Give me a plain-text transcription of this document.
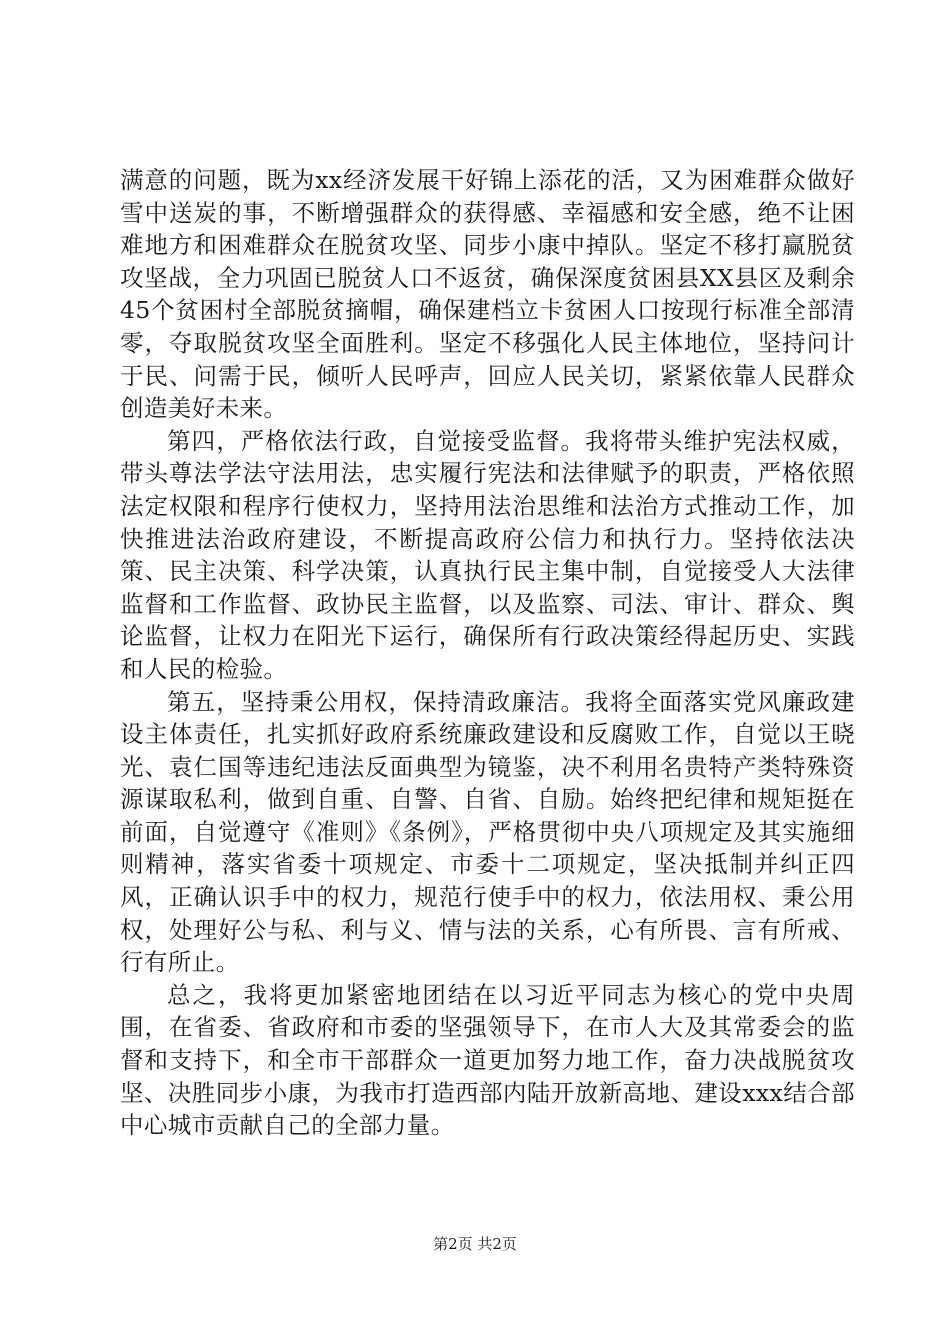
满意的问题，既为xx经济发展干好锦上添花的活，又为困难群众做好雪中送炭的事，不断增强群众的获得感、幸福感和安全感，绝不让困难地方和困难群众在脱贫攻坚、同步小康中掉队。坚定不移打赢脱贫攻坚战，全力巩固已脱贫人口不返贫，确保深度贫困县XX县区及剩余45个贫困村全部脱贫摘帽，确保建档立卡贫困人口按现行标准全部清零，夺取脱贫攻坚全面胜利。坚定不移强化人民主体地位，坚持问计于民、问需于民，倾听人民呼声，回应人民关切，紧紧依靠人民群众创造美好未来。

第四，严格依法行政，自觉接受监督。我将带头维护宪法权威，带头尊法学法守法用法，忠实履行宪法和法律赋予的职责，严格依照法定权限和程序行使权力，坚持用法治思维和法治方式推动工作，加快推进法治政府建设，不断提高政府公信力和执行力。坚持依法决策、民主决策、科学决策，认真执行民主集中制，自觉接受人大法律监督和工作监督、政协民主监督，以及监察、司法、审计、群众、舆论监督，让权力在阳光下运行，确保所有行政决策经得起历史、实践和人民的检验。

第五，坚持秉公用权，保持清政廉洁。我将全面落实党风廉政建设主体责任，扎实抓好政府系统廉政建设和反腐败工作，自觉以王晓光、袁仁国等违纪违法反面典型为镜鉴，决不利用名贵特产类特殊资源谋取私利，做到自重、自警、自省、自励。始终把纪律和规矩挺在前面，自觉遵守《准则》《条例》，严格贯彻中央八项规定及其实施细则精神，落实省委十项规定、市委十二项规定，坚决抵制并纠正四风，正确认识手中的权力，规范行使手中的权力，依法用权、秉公用权，处理好公与私、利与义、情与法的关系，心有所畏、言有所戒、行有所止。

总之，我将更加紧密地团结在以习近平同志为核心的党中央周围，在省委、省政府和市委的坚强领导下，在市人大及其常委会的监督和支持下，和全市干部群众一道更加努力地工作，奋力决战脱贫攻坚、决胜同步小康，为我市打造西部内陆开放新高地、建设xxx结合部中心城市贡献自己的全部力量。

第2页 共2页
